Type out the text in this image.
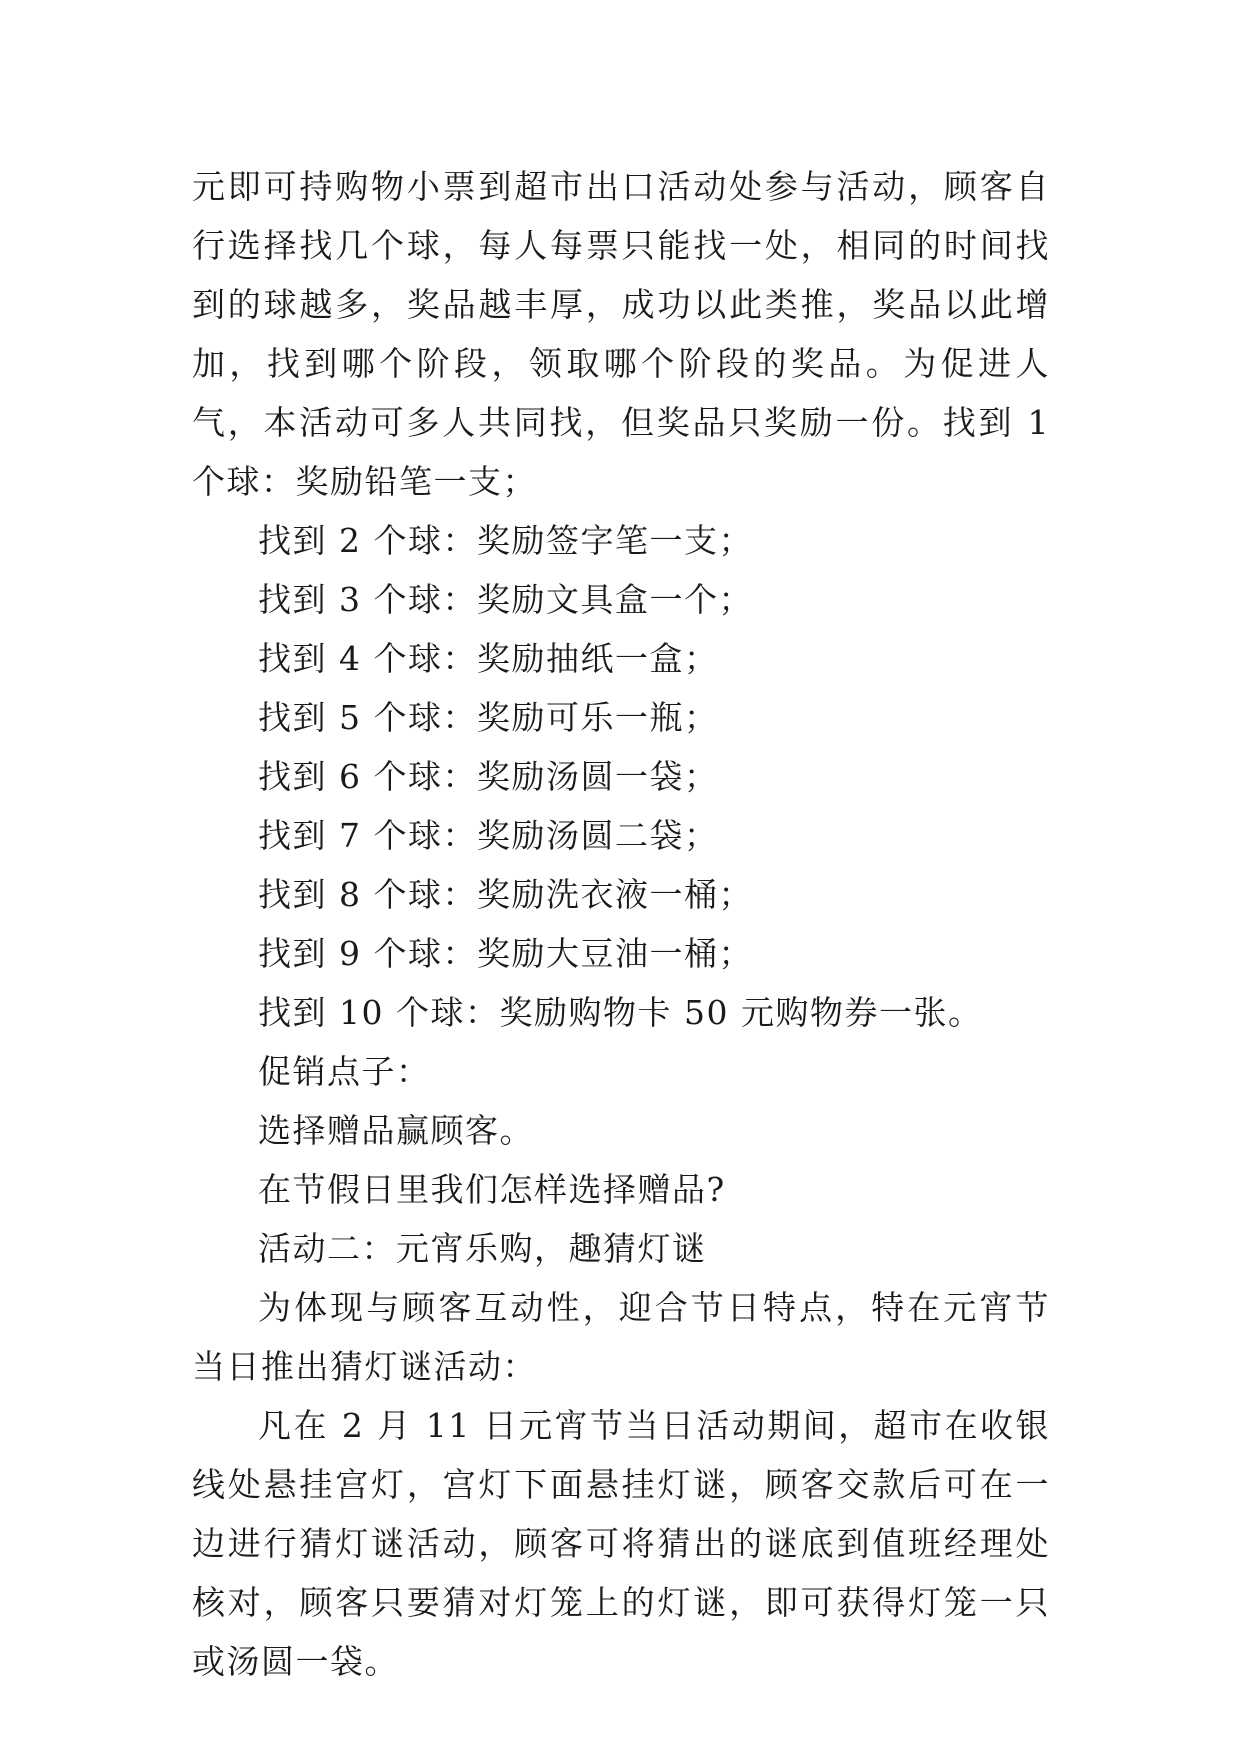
元即可持购物小票到超市出口活动处参与活动，顾客自行选择找几个球，每人每票只能找一处，相同的时间找到的球越多，奖品越丰厚，成功以此类推，奖品以此增加，找到哪个阶段，领取哪个阶段的奖品。为促进人气，本活动可多人共同找，但奖品只奖励一份。找到 1 个球：奖励铅笔一支；

找到 2 个球：奖励签字笔一支；

找到 3 个球：奖励文具盒一个；

找到 4 个球：奖励抽纸一盒；

找到 5 个球：奖励可乐一瓶；

找到 6 个球：奖励汤圆一袋；

找到 7 个球：奖励汤圆二袋；

找到 8 个球：奖励洗衣液一桶；

找到 9 个球：奖励大豆油一桶；

找到 10 个球：奖励购物卡 50 元购物券一张。

促销点子：

选择赠品赢顾客。

在节假日里我们怎样选择赠品?

活动二：元宵乐购，趣猜灯谜

为体现与顾客互动性，迎合节日特点，特在元宵节当日推出猜灯谜活动：

凡在 2 月 11 日元宵节当日活动期间，超市在收银线处悬挂宫灯，宫灯下面悬挂灯谜，顾客交款后可在一边进行猜灯谜活动，顾客可将猜出的谜底到值班经理处核对，顾客只要猜对灯笼上的灯谜，即可获得灯笼一只或汤圆一袋。
